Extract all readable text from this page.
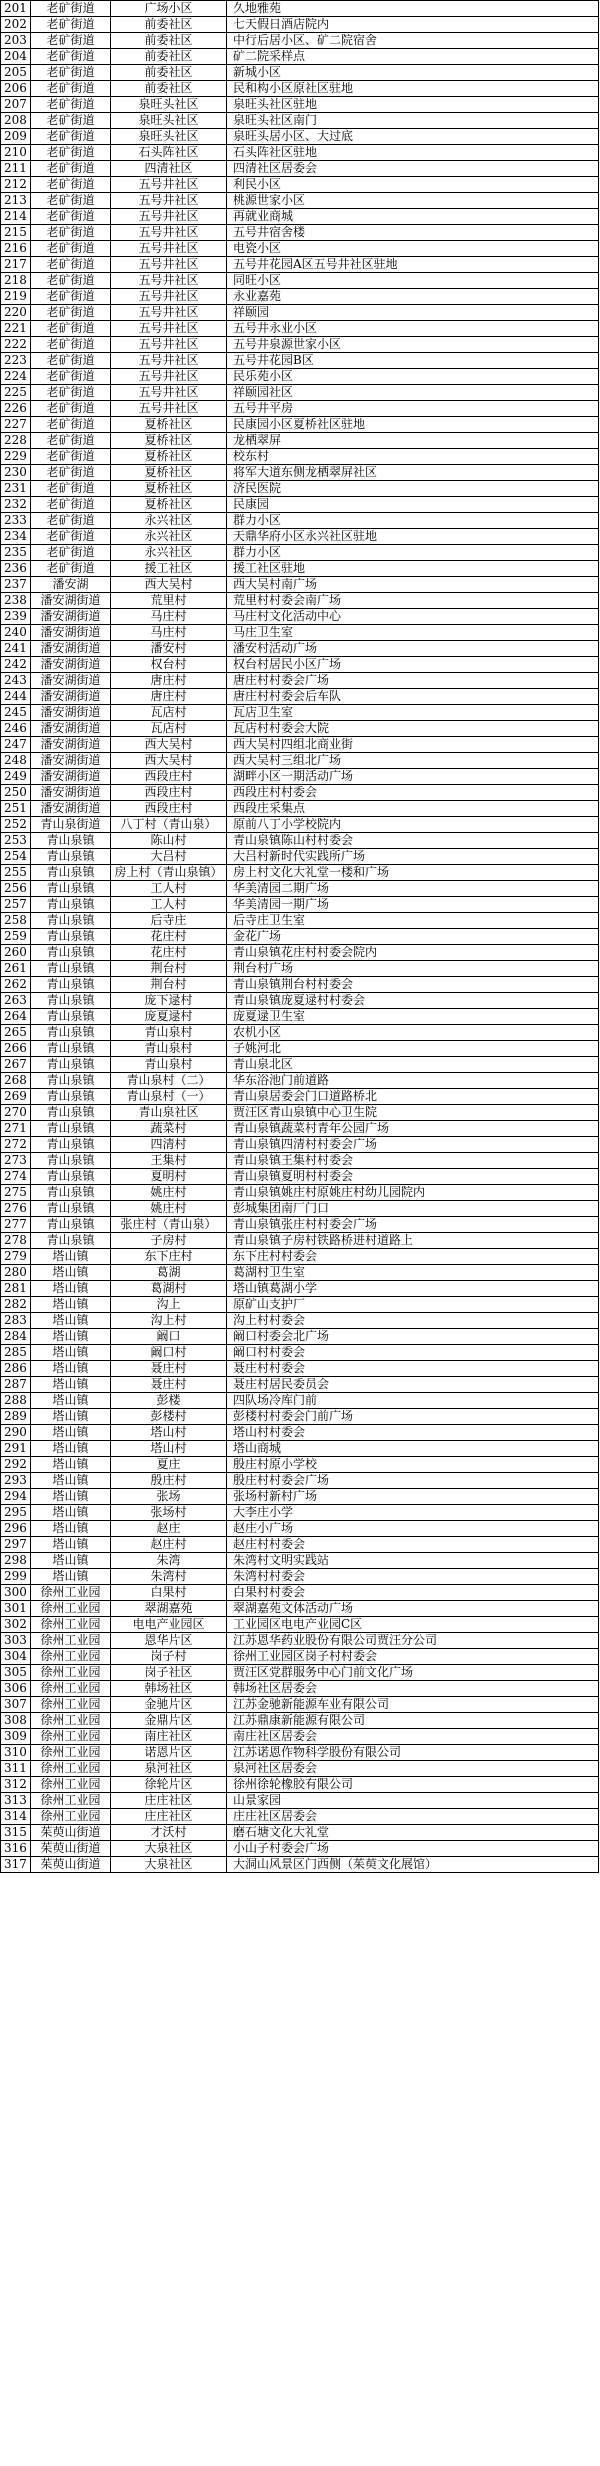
201	老矿街道	广场小区	久地雅苑
202	老矿街道	前委社区	七天假日酒店院内
203	老矿街道	前委社区	中行后居小区、矿二院宿舍
204	老矿街道	前委社区	矿二院采样点
205	老矿街道	前委社区	新城小区
206	老矿街道	前委社区	民和构小区原社区驻地
207	老矿街道	泉旺头社区	泉旺头社区驻地
208	老矿街道	泉旺头社区	泉旺头社区南门
209	老矿街道	泉旺头社区	泉旺头居小区、大过底
210	老矿街道	石头阵社区	石头阵社区驻地
211	老矿街道	四清社区	四清社区居委会
212	老矿街道	五号井社区	利民小区
213	老矿街道	五号井社区	桃源世家小区
214	老矿街道	五号井社区	再就业商城
215	老矿街道	五号井社区	五号井宿舍楼
216	老矿街道	五号井社区	电瓷小区
217	老矿街道	五号井社区	五号井花园A区五号井社区驻地
218	老矿街道	五号井社区	同旺小区
219	老矿街道	五号井社区	永业嘉苑
220	老矿街道	五号井社区	祥颐园
221	老矿街道	五号井社区	五号井永业小区
222	老矿街道	五号井社区	五号井泉源世家小区
223	老矿街道	五号井社区	五号井花园B区
224	老矿街道	五号井社区	民乐苑小区
225	老矿街道	五号井社区	祥颐园社区
226	老矿街道	五号井社区	五号井平房
227	老矿街道	夏桥社区	民康园小区夏桥社区驻地
228	老矿街道	夏桥社区	龙栖翠屏
229	老矿街道	夏桥社区	校东村
230	老矿街道	夏桥社区	将军大道东侧龙栖翠屏社区
231	老矿街道	夏桥社区	济民医院
232	老矿街道	夏桥社区	民康园
233	老矿街道	永兴社区	群力小区
234	老矿街道	永兴社区	天鼎华府小区永兴社区驻地
235	老矿街道	永兴社区	群力小区
236	老矿街道	援工社区	援工社区驻地
237	潘安湖	西大吴村	西大吴村南广场
238	潘安湖街道	荒里村	荒里村村委会南广场
239	潘安湖街道	马庄村	马庄村文化活动中心
240	潘安湖街道	马庄村	马庄卫生室
241	潘安湖街道	潘安村	潘安村活动广场
242	潘安湖街道	权台村	权台村居民小区广场
243	潘安湖街道	唐庄村	唐庄村村委会广场
244	潘安湖街道	唐庄村	唐庄村村委会后车队
245	潘安湖街道	瓦店村	瓦店卫生室
246	潘安湖街道	瓦店村	瓦店村村委会大院
247	潘安湖街道	西大吴村	西大吴村四组北商业街
248	潘安湖街道	西大吴村	西大吴村三组北广场
249	潘安湖街道	西段庄村	湖畔小区一期活动广场
250	潘安湖街道	西段庄村	西段庄村村委会
251	潘安湖街道	西段庄村	西段庄采集点
252	青山泉街道	八丁村（青山泉）	原前八丁小学校院内
253	青山泉镇	陈山村	青山泉镇陈山村村委会
254	青山泉镇	大吕村	大吕村新时代实践所广场
255	青山泉镇	房上村（青山泉镇）	房上村文化大礼堂一楼和广场
256	青山泉镇	工人村	华美清园二期广场
257	青山泉镇	工人村	华美清园一期广场
258	青山泉镇	后寺庄	后寺庄卫生室
259	青山泉镇	花庄村	金花广场
260	青山泉镇	花庄村	青山泉镇花庄村村委会院内
261	青山泉镇	荆台村	荆台村广场
262	青山泉镇	荆台村	青山泉镇荆台村村委会
263	青山泉镇	庞下逯村	青山泉镇庞夏逯村村委会
264	青山泉镇	庞夏逯村	庞夏逯卫生室
265	青山泉镇	青山泉村	农机小区
266	青山泉镇	青山泉村	子姚河北
267	青山泉镇	青山泉村	青山泉北区
268	青山泉镇	青山泉村（二）	华东浴池门前道路
269	青山泉镇	青山泉村（一）	青山泉居委会门口道路桥北
270	青山泉镇	青山泉社区	贾汪区青山泉镇中心卫生院
271	青山泉镇	蔬菜村	青山泉镇蔬菜村青年公园广场
272	青山泉镇	四清村	青山泉镇四清村村委会广场
273	青山泉镇	王集村	青山泉镇王集村村委会
274	青山泉镇	夏明村	青山泉镇夏明村村委会
275	青山泉镇	姚庄村	青山泉镇姚庄村原姚庄村幼儿园院内
276	青山泉镇	姚庄村	彭城集团南厂门口
277	青山泉镇	张庄村（青山泉）	青山泉镇张庄村村委会广场
278	青山泉镇	子房村	青山泉镇子房村铁路桥进村道路上
279	塔山镇	东下庄村	东下庄村村委会
280	塔山镇	葛湖	葛湖村卫生室
281	塔山镇	葛湖村	塔山镇葛湖小学
282	塔山镇	沟上	原矿山支护厂
283	塔山镇	沟上村	沟上村村委会
284	塔山镇	阚口	阚口村委会北广场
285	塔山镇	阚口村	阚口村村委会
286	塔山镇	聂庄村	聂庄村村委会
287	塔山镇	聂庄村	聂庄村居民委员会
288	塔山镇	彭楼	四队场冷库门前
289	塔山镇	彭楼村	彭楼村村委会门前广场
290	塔山镇	塔山村	塔山村村委会
291	塔山镇	塔山村	塔山商城
292	塔山镇	夏庄	殷庄村原小学校
293	塔山镇	殷庄村	殷庄村村委会广场
294	塔山镇	张场	张场村新村广场
295	塔山镇	张场村	大李庄小学
296	塔山镇	赵庄	赵庄小广场
297	塔山镇	赵庄村	赵庄村村委会
298	塔山镇	朱湾	朱湾村文明实践站
299	塔山镇	朱湾村	朱湾村村委会
300	徐州工业园	白果村	白果村村委会
301	徐州工业园	翠湖嘉苑	翠湖嘉苑文体活动广场
302	徐州工业园	电电产业园区	工业园区电电产业园C区
303	徐州工业园	恩华片区	江苏恩华药业股份有限公司贾汪分公司
304	徐州工业园	岗子村	徐州工业园区岗子村村委会
305	徐州工业园	岗子社区	贾汪区党群服务中心门前文化广场
306	徐州工业园	韩场社区	韩场社区居委会
307	徐州工业园	金驰片区	江苏金驰新能源车业有限公司
308	徐州工业园	金鼎片区	江苏鼎康新能源有限公司
309	徐州工业园	南庄社区	南庄社区居委会
310	徐州工业园	诺恩片区	江苏诺恩作物科学股份有限公司
311	徐州工业园	泉河社区	泉河社区居委会
312	徐州工业园	徐轮片区	徐州徐轮橡胶有限公司
313	徐州工业园	庄庄社区	山景家园
314	徐州工业园	庄庄社区	庄庄社区居委会
315	茱萸山街道	才沃村	磨石塘文化大礼堂
316	茱萸山街道	大泉社区	小山子村委会广场
317	茱萸山街道	大泉社区	大洞山风景区门西侧（茱萸文化展馆）
